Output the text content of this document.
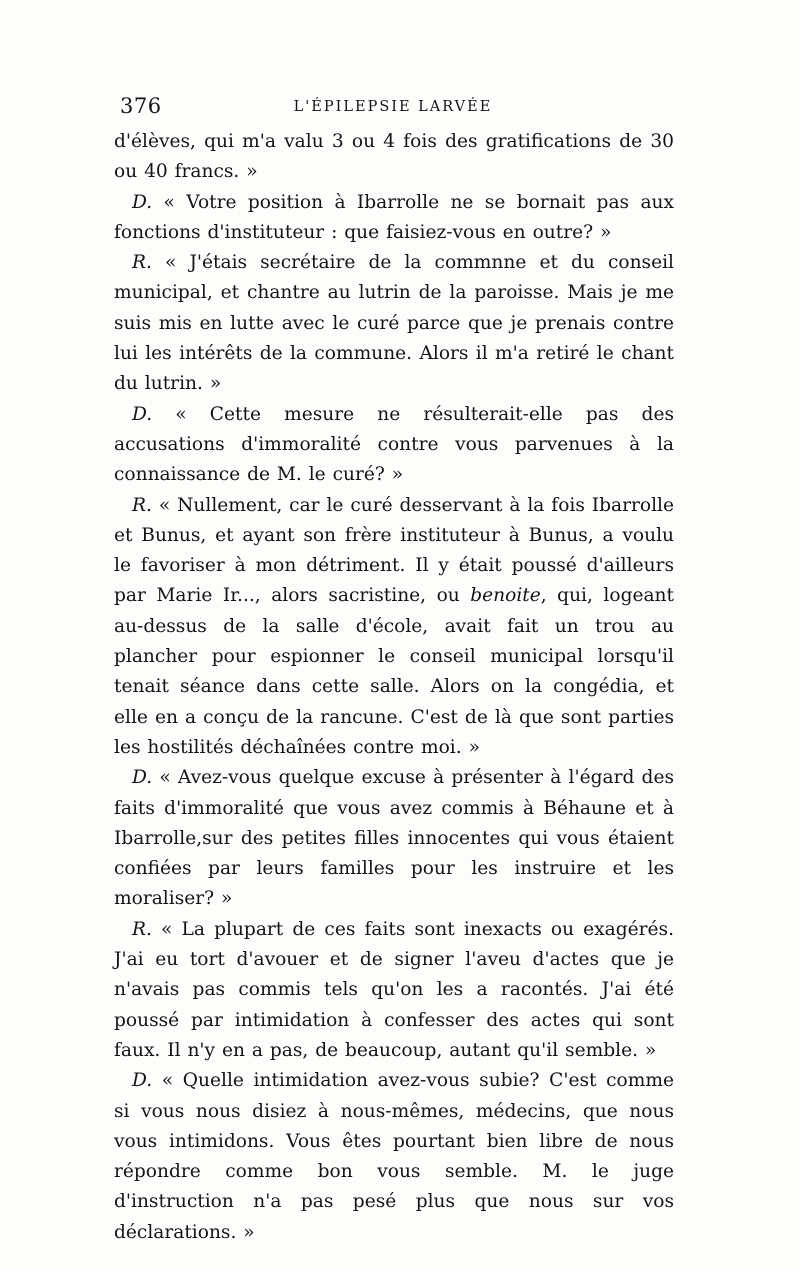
376	L'ÉPILEPSIE LARVÉE

d'élèves, qui m'a valu 3 ou 4 fois des gratifications de 30 ou 40 francs. »

D. « Votre position à Ibarrolle ne se bornait pas aux fonctions d'instituteur : que faisiez-vous en outre? »

R. « J'étais secrétaire de la commnne et du conseil municipal, et chantre au lutrin de la paroisse. Mais je me suis mis en lutte avec le curé parce que je prenais contre lui les intérêts de la commune. Alors il m'a retiré le chant du lutrin. »

D. « Cette mesure ne résulterait-elle pas des accusations d'immoralité contre vous parvenues à la connaissance de M. le curé? »

R. « Nullement, car le curé desservant à la fois Ibarrolle et Bunus, et ayant son frère instituteur à Bunus, a voulu le favoriser à mon détriment. Il y était poussé d'ailleurs par Marie Ir..., alors sacristine, ou benoite, qui, logeant au-dessus de la salle d'école, avait fait un trou au plancher pour espionner le conseil municipal lorsqu'il tenait séance dans cette salle. Alors on la congédia, et elle en a conçu de la rancune. C'est de là que sont parties les hostilités déchaînées contre moi. »

D. « Avez-vous quelque excuse à présenter à l'égard des faits d'immoralité que vous avez commis à Béhaune et à Ibarrolle,sur des petites filles innocentes qui vous étaient confiées par leurs familles pour les instruire et les moraliser? »

R. « La plupart de ces faits sont inexacts ou exagérés. J'ai eu tort d'avouer et de signer l'aveu d'actes que je n'avais pas commis tels qu'on les a racontés. J'ai été poussé par intimidation à confesser des actes qui sont faux. Il n'y en a pas, de beaucoup, autant qu'il semble. »

D. « Quelle intimidation avez-vous subie? C'est comme si vous nous disiez à nous-mêmes, médecins, que nous vous intimidons. Vous êtes pourtant bien libre de nous répondre comme bon vous semble. M. le juge d'instruction n'a pas pesé plus que nous sur vos déclarations. »
